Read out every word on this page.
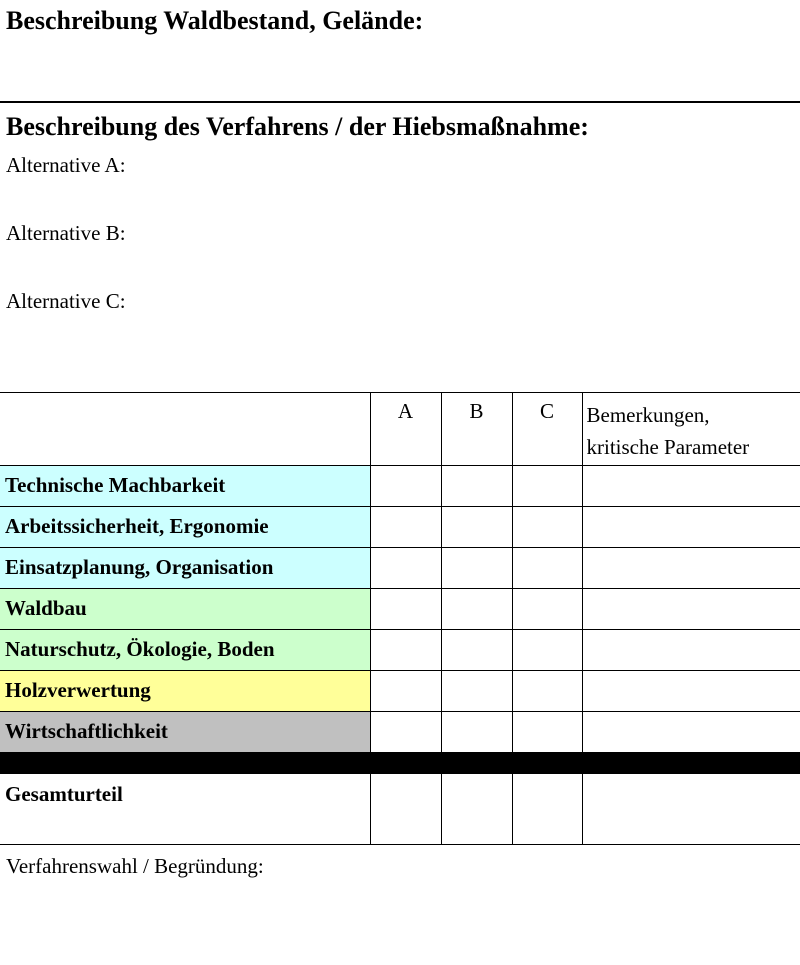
Beschreibung Waldbestand, Gelände:
Beschreibung des Verfahrens / der Hiebsmaßnahme:
Alternative A:
Alternative B:
Alternative C:
	A	B	C	Bemerkungen,
kritische Parameter

Technische Machbarkeit				
Arbeitssicherheit, Ergonomie				
Einsatzplanung, Organisation				
Waldbau				
Naturschutz, Ökologie, Boden				
Holzverwertung				
Wirtschaftlichkeit				

Gesamturteil				
Verfahrenswahl / Begründung:
